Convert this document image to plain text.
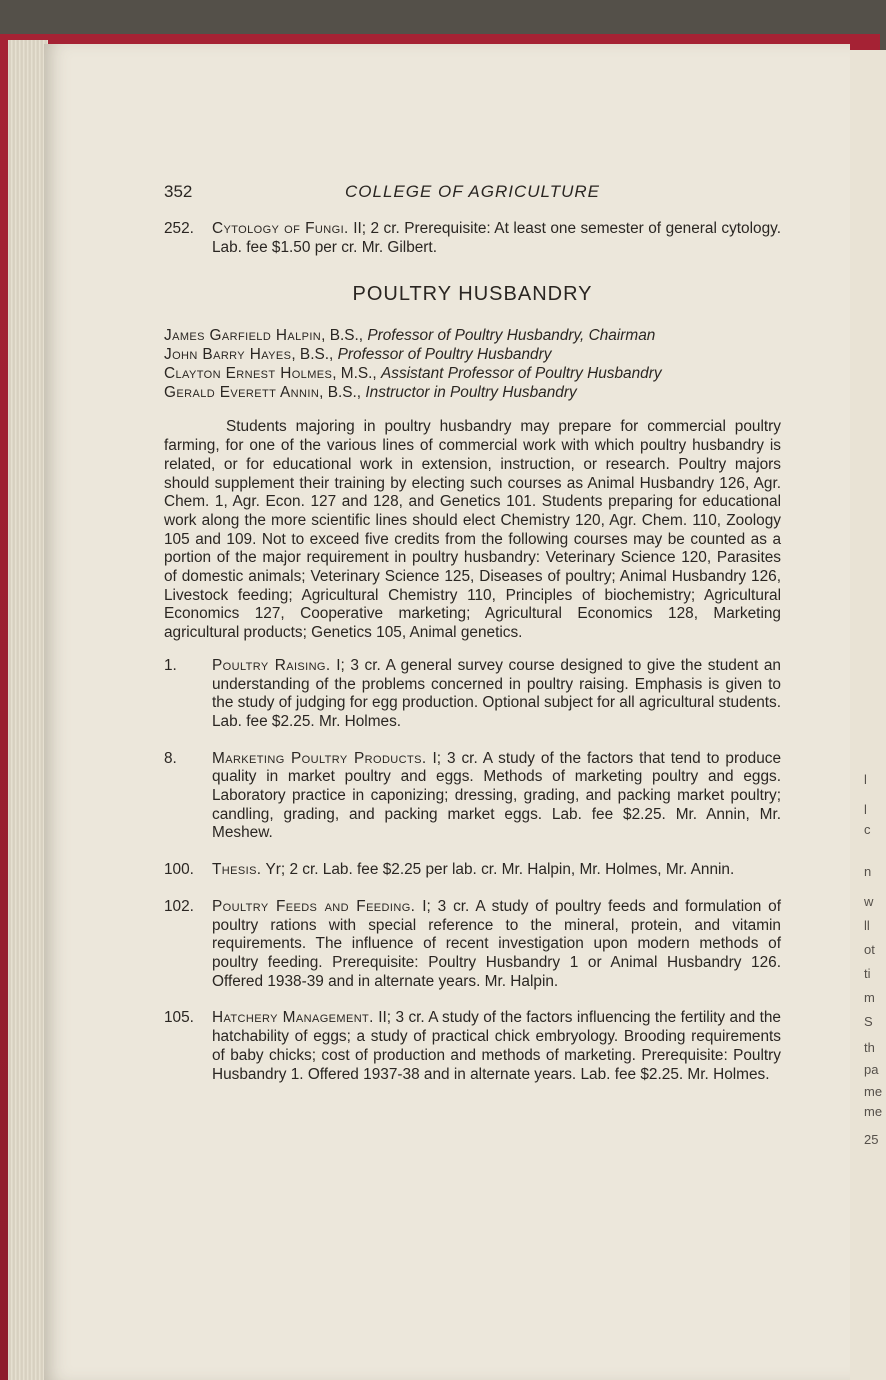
l
l
c
n
w
ll
ot
ti
m
S
th
pa
me
me
25
352	COLLEGE OF AGRICULTURE
252.	Cytology of Fungi. II; 2 cr. Prerequisite: At least one semester of general cytology. Lab. fee $1.50 per cr. Mr. Gilbert.
POULTRY HUSBANDRY
James Garfield Halpin, B.S., Professor of Poultry Husbandry, Chairman
John Barry Hayes, B.S., Professor of Poultry Husbandry
Clayton Ernest Holmes, M.S., Assistant Professor of Poultry Husbandry
Gerald Everett Annin, B.S., Instructor in Poultry Husbandry

Students majoring in poultry husbandry may prepare for commercial poultry farming, for one of the various lines of commercial work with which poultry husbandry is related, or for educational work in extension, instruction, or research. Poultry majors should supplement their training by electing such courses as Animal Husbandry 126, Agr. Chem. 1, Agr. Econ. 127 and 128, and Genetics 101. Students preparing for educational work along the more scientific lines should elect Chemistry 120, Agr. Chem. 110, Zoology 105 and 109. Not to exceed five credits from the following courses may be counted as a portion of the major requirement in poultry husbandry: Veterinary Science 120, Parasites of domestic animals; Veterinary Science 125, Diseases of poultry; Animal Husbandry 126, Livestock feeding; Agricultural Chemistry 110, Principles of biochemistry; Agricultural Economics 127, Cooperative marketing; Agricultural Economics 128, Marketing agricultural products; Genetics 105, Animal genetics.

1.	Poultry Raising. I; 3 cr. A general survey course designed to give the student an understanding of the problems concerned in poultry raising. Emphasis is given to the study of judging for egg production. Optional subject for all agricultural students. Lab. fee $2.25. Mr. Holmes.
8.	Marketing Poultry Products. I; 3 cr. A study of the factors that tend to produce quality in market poultry and eggs. Methods of marketing poultry and eggs. Laboratory practice in caponizing; dressing, grading, and packing market poultry; candling, grading, and packing market eggs. Lab. fee $2.25. Mr. Annin, Mr. Meshew.
100.	Thesis. Yr; 2 cr. Lab. fee $2.25 per lab. cr. Mr. Halpin, Mr. Holmes, Mr. Annin.
102.	Poultry Feeds and Feeding. I; 3 cr. A study of poultry feeds and formulation of poultry rations with special reference to the mineral, protein, and vitamin requirements. The influence of recent investigation upon modern methods of poultry feeding. Prerequisite: Poultry Husbandry 1 or Animal Husbandry 126. Offered 1938-39 and in alternate years. Mr. Halpin.
105.	Hatchery Management. II; 3 cr. A study of the factors influencing the fertility and the hatchability of eggs; a study of practical chick embryology. Brooding requirements of baby chicks; cost of production and methods of marketing. Prerequisite: Poultry Husbandry 1. Offered 1937-38 and in alternate years. Lab. fee $2.25. Mr. Holmes.
